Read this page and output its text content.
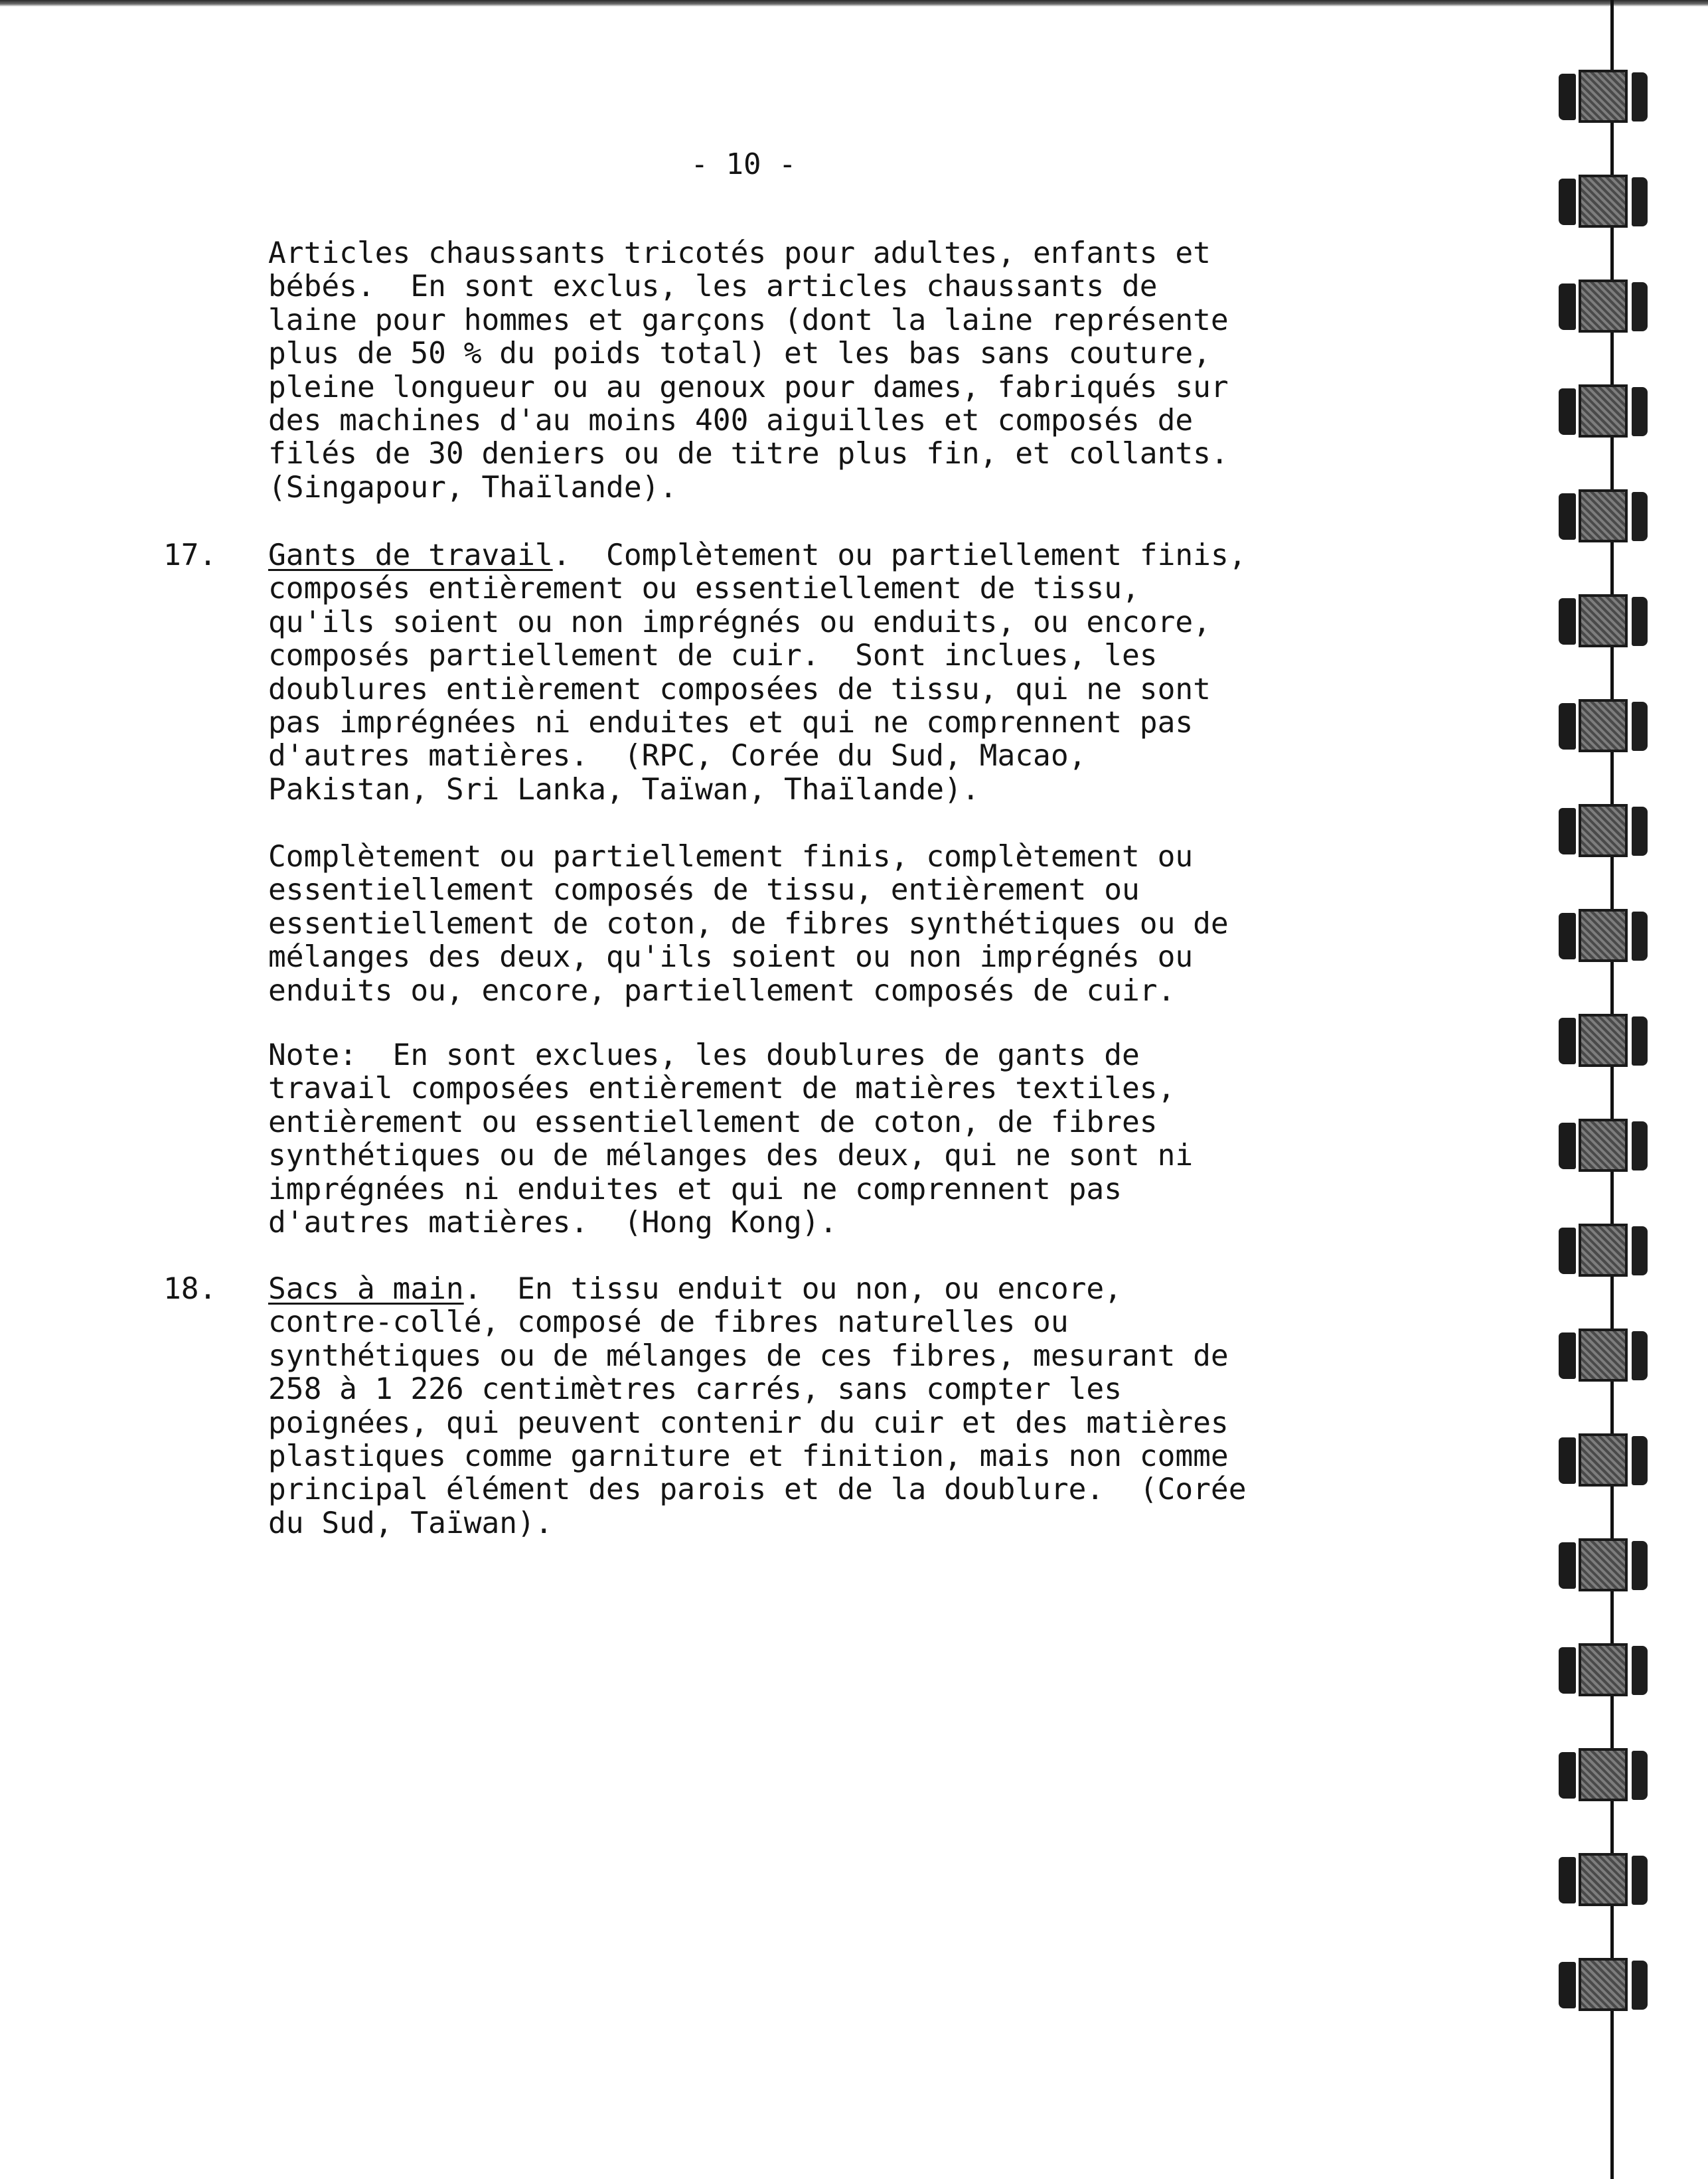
- 10 -
Articles chaussants tricotés pour adultes, enfants et
bébés.  En sont exclus, les articles chaussants de
laine pour hommes et garçons (dont la laine représente
plus de 50 % du poids total) et les bas sans couture,
pleine longueur ou au genoux pour dames, fabriqués sur
des machines d'au moins 400 aiguilles et composés de
filés de 30 deniers ou de titre plus fin, et collants.
(Singapour, Thaïlande).
17. Gants de travail.  Complètement ou partiellement finis,
composés entièrement ou essentiellement de tissu,
qu'ils soient ou non imprégnés ou enduits, ou encore,
composés partiellement de cuir.  Sont inclues, les
doublures entièrement composées de tissu, qui ne sont
pas imprégnées ni enduites et qui ne comprennent pas
d'autres matières.  (RPC, Corée du Sud, Macao,
Pakistan, Sri Lanka, Taïwan, Thaïlande).
Complètement ou partiellement finis, complètement ou
essentiellement composés de tissu, entièrement ou
essentiellement de coton, de fibres synthétiques ou de
mélanges des deux, qu'ils soient ou non imprégnés ou
enduits ou, encore, partiellement composés de cuir.
Note:  En sont exclues, les doublures de gants de
travail composées entièrement de matières textiles,
entièrement ou essentiellement de coton, de fibres
synthétiques ou de mélanges des deux, qui ne sont ni
imprégnées ni enduites et qui ne comprennent pas
d'autres matières.  (Hong Kong).
18. Sacs à main.  En tissu enduit ou non, ou encore,
contre-collé, composé de fibres naturelles ou
synthétiques ou de mélanges de ces fibres, mesurant de
258 à 1 226 centimètres carrés, sans compter les
poignées, qui peuvent contenir du cuir et des matières
plastiques comme garniture et finition, mais non comme
principal élément des parois et de la doublure.  (Corée
du Sud, Taïwan).
